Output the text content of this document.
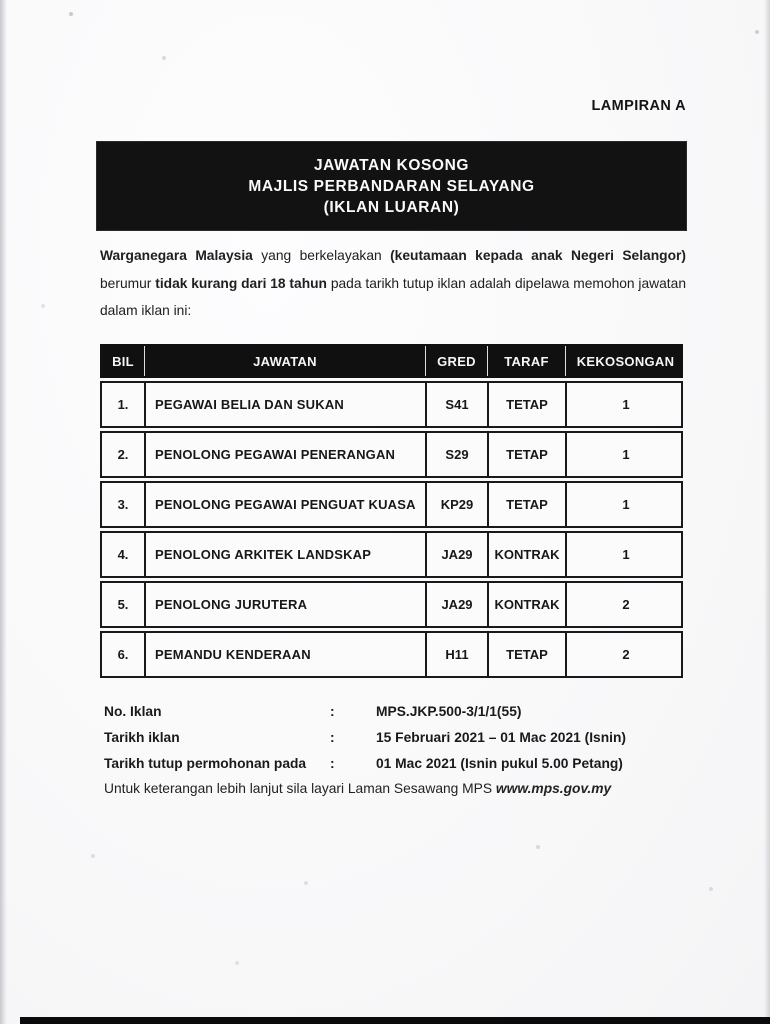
LAMPIRAN A
JAWATAN KOSONG
MAJLIS PERBANDARAN SELAYANG
(IKLAN LUARAN)

Warganegara Malaysia yang berkelayakan (keutamaan kepada anak Negeri Selangor) berumur tidak kurang dari 18 tahun pada tarikh tutup iklan adalah dipelawa memohon jawatan dalam iklan ini:

BIL	JAWATAN	GRED	TARAF	KEKOSONGAN
1.	PEGAWAI BELIA DAN SUKAN	S41	TETAP	1
2.	PENOLONG PEGAWAI PENERANGAN	S29	TETAP	1
3.	PENOLONG PEGAWAI PENGUAT KUASA	KP29	TETAP	1
4.	PENOLONG ARKITEK LANDSKAP	JA29	KONTRAK	1
5.	PENOLONG JURUTERA	JA29	KONTRAK	2
6.	PEMANDU KENDERAAN	H11	TETAP	2
No. Iklan	:	MPS.JKP.500-3/1/1(55)
Tarikh iklan	:	15 Februari 2021 – 01 Mac 2021 (Isnin)
Tarikh tutup permohonan pada	:	01 Mac 2021 (Isnin pukul 5.00 Petang)

Untuk keterangan lebih lanjut sila layari Laman Sesawang MPS www.mps.gov.my
